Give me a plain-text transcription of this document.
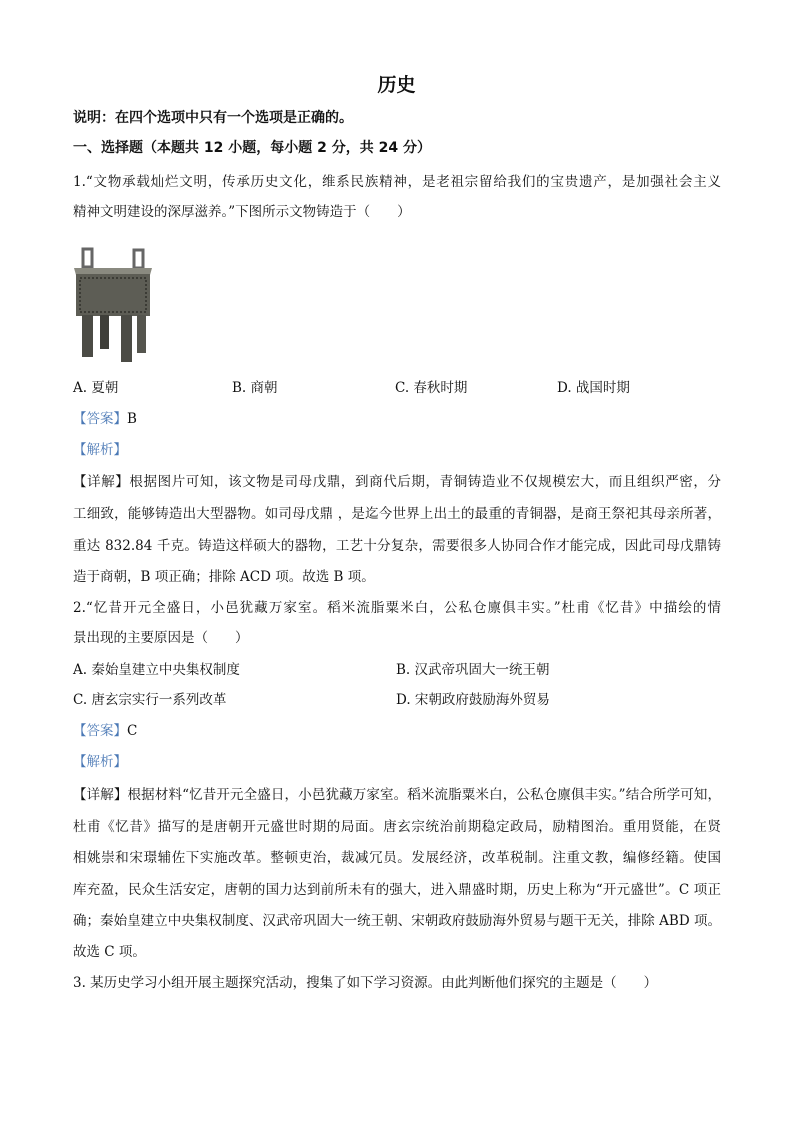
历史
说明：在四个选项中只有一个选项是正确的。
一、选择题（本题共 12 小题，每小题 2 分，共 24 分）
1.“文物承载灿烂文明，传承历史文化，维系民族精神，是老祖宗留给我们的宝贵遗产，是加强社会主义
精神文明建设的深厚滋养。”下图所示文物铸造于（　　）
A. 夏朝	B. 商朝	C. 春秋时期	D. 战国时期
【答案】B
【解析】
【详解】根据图片可知，该文物是司母戊鼎，到商代后期，青铜铸造业不仅规模宏大，而且组织严密，分
工细致，能够铸造出大型器物。如司母戊鼎 ，是迄今世界上出土的最重的青铜器，是商王祭祀其母亲所著，
重达 832.84 千克。铸造这样硕大的器物，工艺十分复杂，需要很多人协同合作才能完成，因此司母戊鼎铸
造于商朝，B 项正确；排除 ACD 项。故选 B 项。
2.“忆昔开元全盛日，小邑犹藏万家室。稻米流脂粟米白，公私仓廪俱丰实。”杜甫《忆昔》中描绘的情
景出现的主要原因是（　　）
A. 秦始皇建立中央集权制度	B. 汉武帝巩固大一统王朝
C. 唐玄宗实行一系列改革	D. 宋朝政府鼓励海外贸易
【答案】C
【解析】
【详解】根据材料“忆昔开元全盛日，小邑犹藏万家室。稻米流脂粟米白，公私仓廪俱丰实。”结合所学可知，
杜甫《忆昔》描写的是唐朝开元盛世时期的局面。唐玄宗统治前期稳定政局，励精图治。重用贤能，在贤
相姚崇和宋璟辅佐下实施改革。整顿吏治，裁减冗员。发展经济，改革税制。注重文教，编修经籍。使国
库充盈，民众生活安定，唐朝的国力达到前所未有的强大，进入鼎盛时期，历史上称为“开元盛世”。C 项正
确；秦始皇建立中央集权制度、汉武帝巩固大一统王朝、宋朝政府鼓励海外贸易与题干无关，排除 ABD 项。
故选 C 项。
3. 某历史学习小组开展主题探究活动，搜集了如下学习资源。由此判断他们探究的主题是（　　）
